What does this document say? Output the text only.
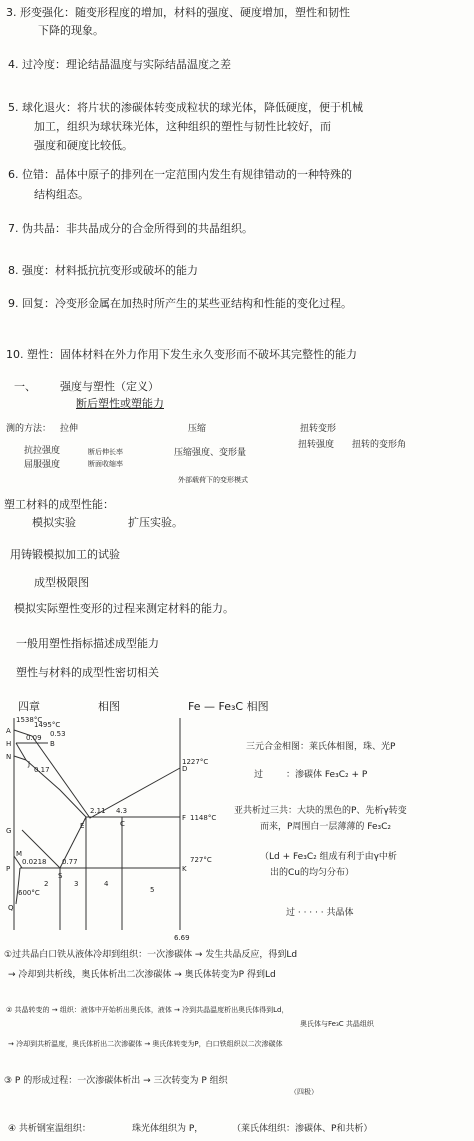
3. 形变强化：随变形程度的增加，材料的强度、硬度增加，塑性和韧性
下降的现象。
4. 过冷度：理论结晶温度与实际结晶温度之差
5. 球化退火：将片状的渗碳体转变成粒状的球光体，降低硬度，便于机械
加工，组织为球状珠光体，这种组织的塑性与韧性比较好，而
强度和硬度比较低。
6. 位错：晶体中原子的排列在一定范围内发生有规律错动的一种特殊的
结构组态。
7. 伪共晶：非共晶成分的合金所得到的共晶组织。
8. 强度：材料抵抗抗变形或破坏的能力
9. 回复：冷变形金属在加热时所产生的某些亚结构和性能的变化过程。
10. 塑性：固体材料在外力作用下发生永久变形而不破坏其完整性的能力
一、 强度与塑性（定义）
断后塑性或塑能力
测的方法： 拉伸	压缩	扭转变形
抗拉强度
屈服强度
断后伸长率
断面收缩率
压缩强度、变形量
扭转强度 扭转的变形角
外部载荷下的变形模式
塑工材料的成型性能：
模拟实验	扩压实验。
用铸锻模拟加工的试验
成型极限图
模拟实际塑性变形的过程来测定材料的能力。
一般用塑性指标描述成型能力
塑性与材料的成型性密切相关
四章	相图	Fe — Fe₃C 相图
A
H
J
B
N
E	C
F
D
G
S
K
P
Q
M
1495°C
0.53
0.09
0.17
1538°C
1227°C
1148°C
727°C
2.11 4.3
0.0218 0.77
600°C
6.69
2	3	4
5
三元合金相图：莱氏体相图，珠、光P
过	：渗碳体 Fe₃C₂ + P
亚共析过三共：大块的黑色的P、先析γ转变
而来，P周围白一层薄薄的 Fe₃C₂
（Ld + Fe₃C₂ 组成有利于由γ中析
出的Cu的均匀分布）
过 · · · · · 共晶体
①过共晶白口铁从液体冷却到组织：一次渗碳体 → 发生共晶反应，得到Ld
→ 冷却到共析线，奥氏体析出二次渗碳体 → 奥氏体转变为P 得到Ld
② 共晶转变的 → 组织：液体中开始析出奥氏体，液体 → 冷到共晶温度析出奥氏体得到Ld，
奥氏体与Fe₃C 共晶组织
→ 冷却到共析温度，奥氏体析出二次渗碳体 → 奥氏体转变为P，白口铁组织以二次渗碳体
③ P 的形成过程：一次渗碳体析出 → 三次转变为 P 组织
（四极）
④ 共析钢室温组织：	珠光体组织为 P，	（莱氏体组织：渗碳体、P和共析）
